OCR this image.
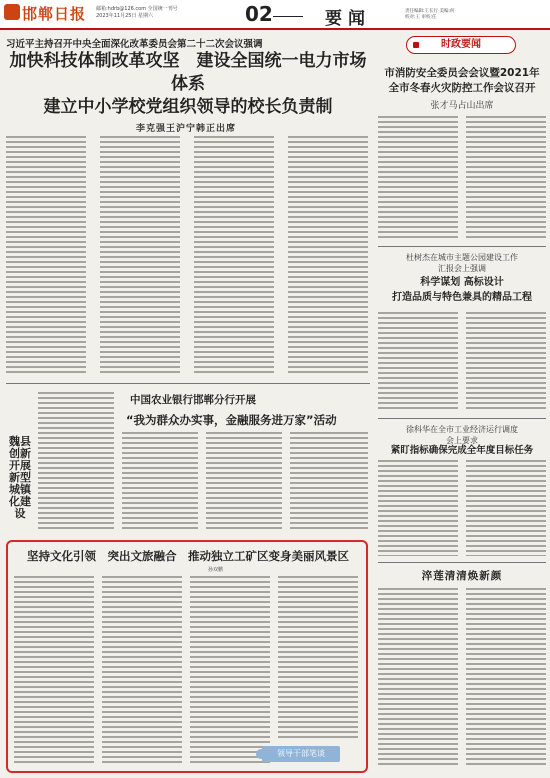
邯郸日报 邮箱:hdrb@126.com 全国统一刊号
2023年11月25日 星期六	02	要闻	责任编辑:王长行 美编:何
校对:王 审校:任
习近平主持召开中央全面深化改革委员会第二十二次会议强调
加快科技体制改革攻坚　建设全国统一电力市场体系
建立中小学校党组织领导的校长负责制
李克强王沪宁韩正出席
魏县创新开展新型城镇化建设
中国农业银行邯郸分行开展
“我为群众办实事，金融服务进万家”活动
坚持文化引领　突出文旅融合　推动独立工矿区变身美丽风景区
孙双鹏
领导干部笔谈
时政要闻
市消防安全委员会会议暨2021年
全市冬春火灾防控工作会议召开
张才马占山出席
杜树杰在城市主题公园建设工作
汇报会上强调
科学谋划 高标设计
打造品质与特色兼具的精品工程
徐科华在全市工业经济运行调度
会上要求
紧盯指标确保完成全年度目标任务
淬莲清清焕新颜
